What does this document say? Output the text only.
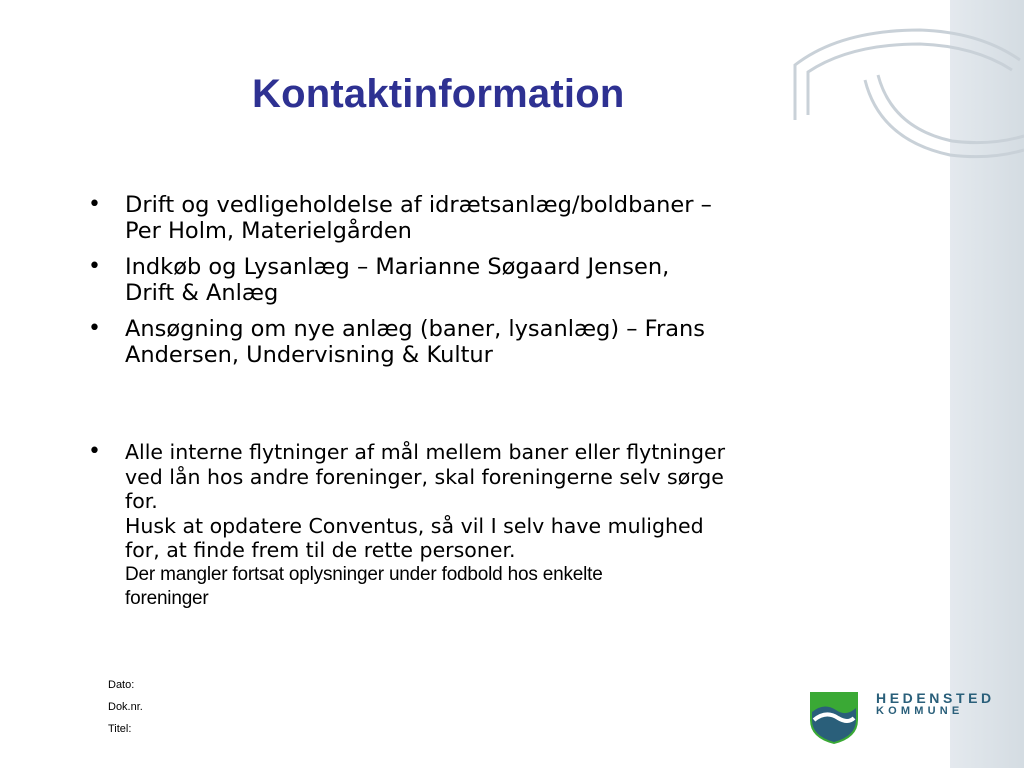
Kontaktinformation
• Drift og vedligeholdelse af idrætsanlæg/boldbaner –
Per Holm, Materielgården
• Indkøb og Lysanlæg – Marianne Søgaard Jensen,
Drift & Anlæg
• Ansøgning om nye anlæg (baner, lysanlæg) – Frans
Andersen, Undervisning & Kultur
• Alle interne flytninger af mål mellem baner eller flytninger
ved lån hos andre foreninger, skal foreningerne selv sørge
for.
Husk at opdatere Conventus, så vil I selv have mulighed
for, at finde frem til de rette personer.
Der mangler fortsat oplysninger under fodbold hos enkelte
foreninger
Dato:
Dok.nr.
Titel:
HEDENSTED
KOMMUNE
